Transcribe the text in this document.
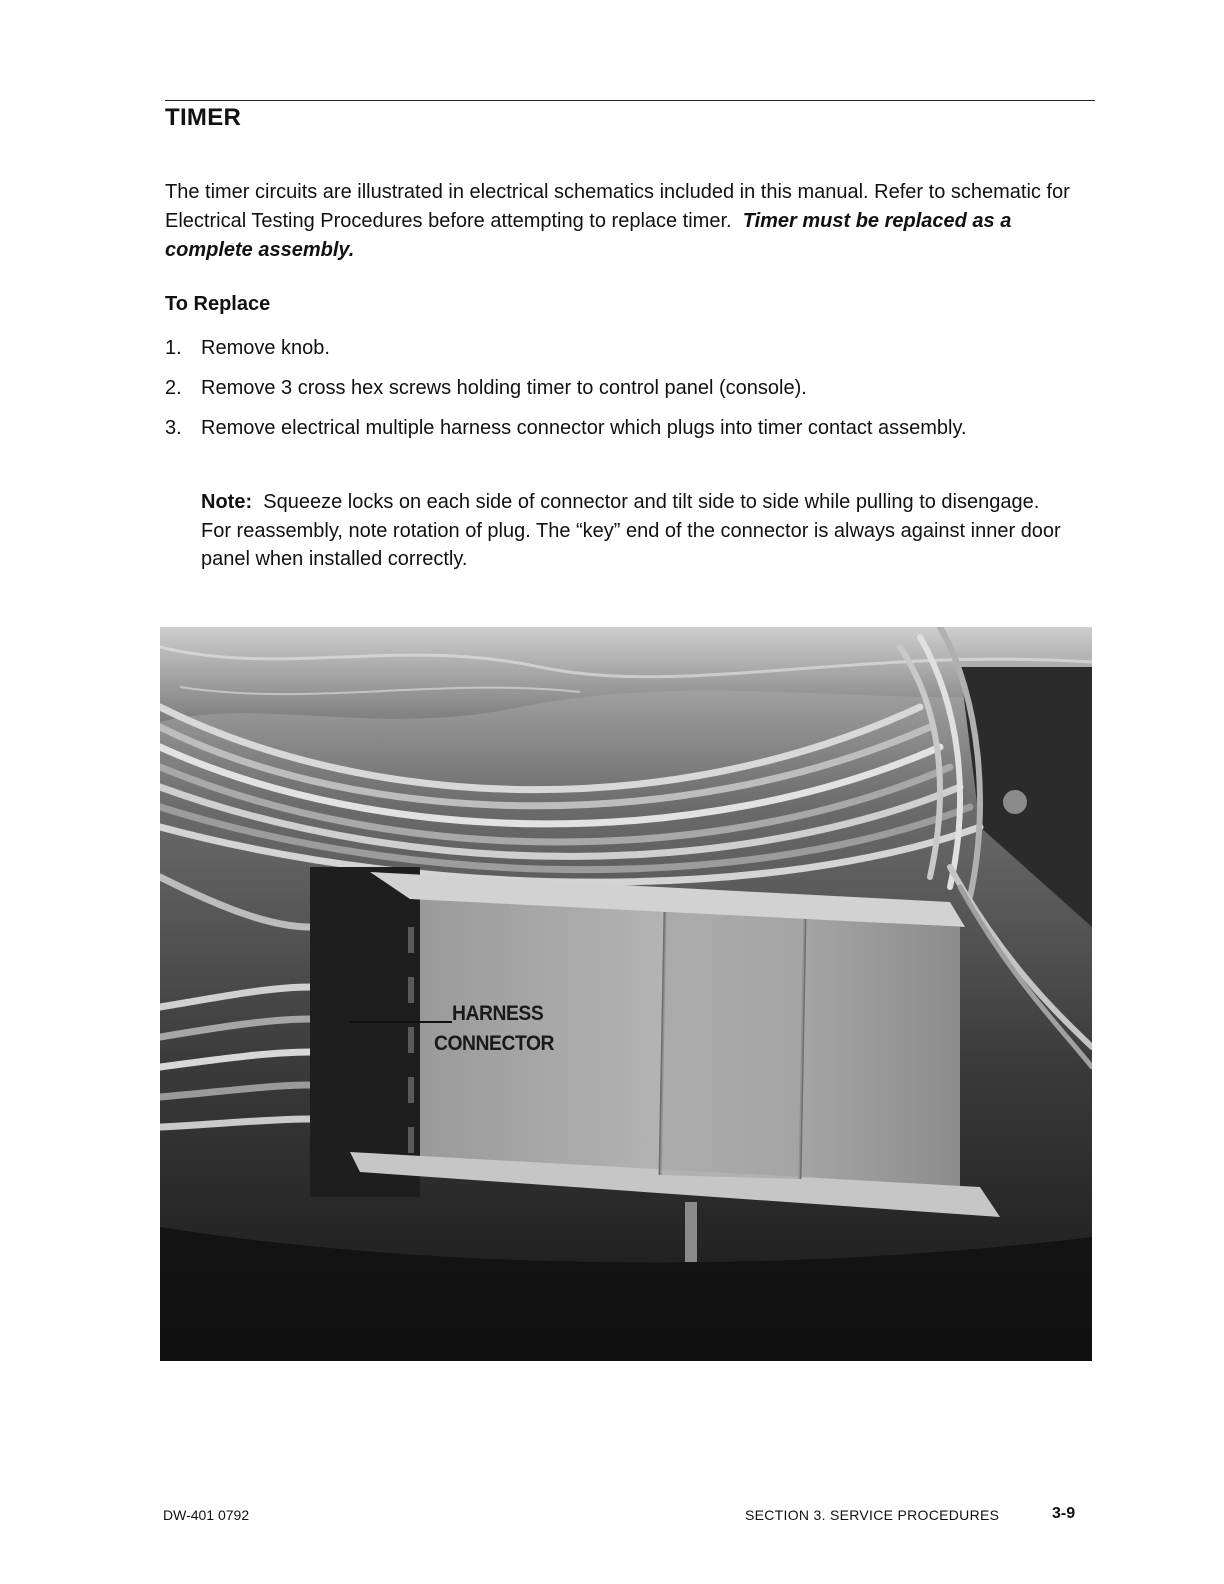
TIMER

The timer circuits are illustrated in electrical schematics included in this manual. Refer to schematic for Electrical Testing Procedures before attempting to replace timer. Timer must be replaced as a complete assembly.

To Replace
1. Remove knob.
2. Remove 3 cross hex screws holding timer to control panel (console).
3. Remove electrical multiple harness connector which plugs into timer contact assembly.

Note: Squeeze locks on each side of connector and tilt side to side while pulling to disengage. For reassembly, note rotation of plug. The “key” end of the connector is always against inner door panel when installed correctly.

HARNESS
CONNECTOR

DW-401 0792	SECTION 3. SERVICE PROCEDURES	3-9
